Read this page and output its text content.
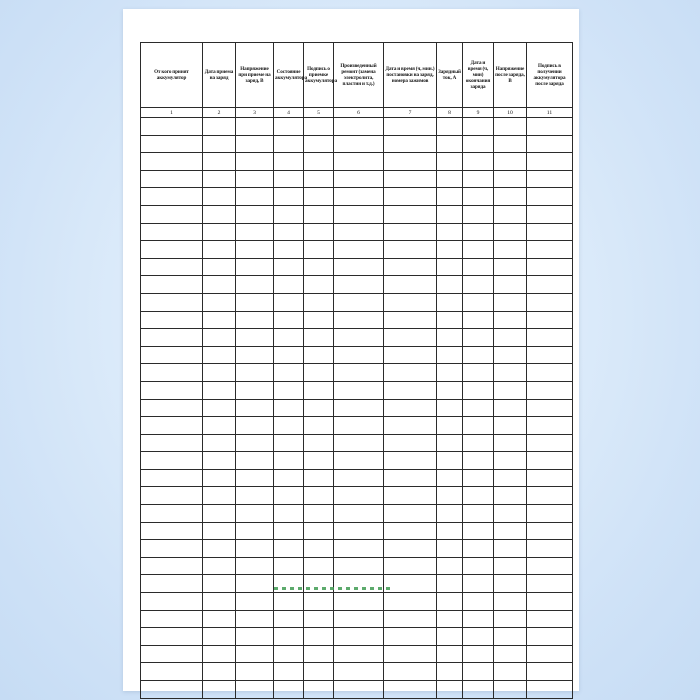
От кого принят аккумулятор	Дата приема на заряд	Напряжение при приеме на заряд, В	Состояние аккумулятора	Подпись о приемке аккумулятора	Произведенный ремонт (замена электролита, пластин и т.д.)	Дата и время (ч, мин.) постановки на заряд, номера зажимов	Зарядный ток, А	Дата и время (ч, мин) окончания заряда	Напряжение после заряда, В	Подпись в получении аккумулятора после заряда
1	2	3	4	5	6	7	8	9	10	11
